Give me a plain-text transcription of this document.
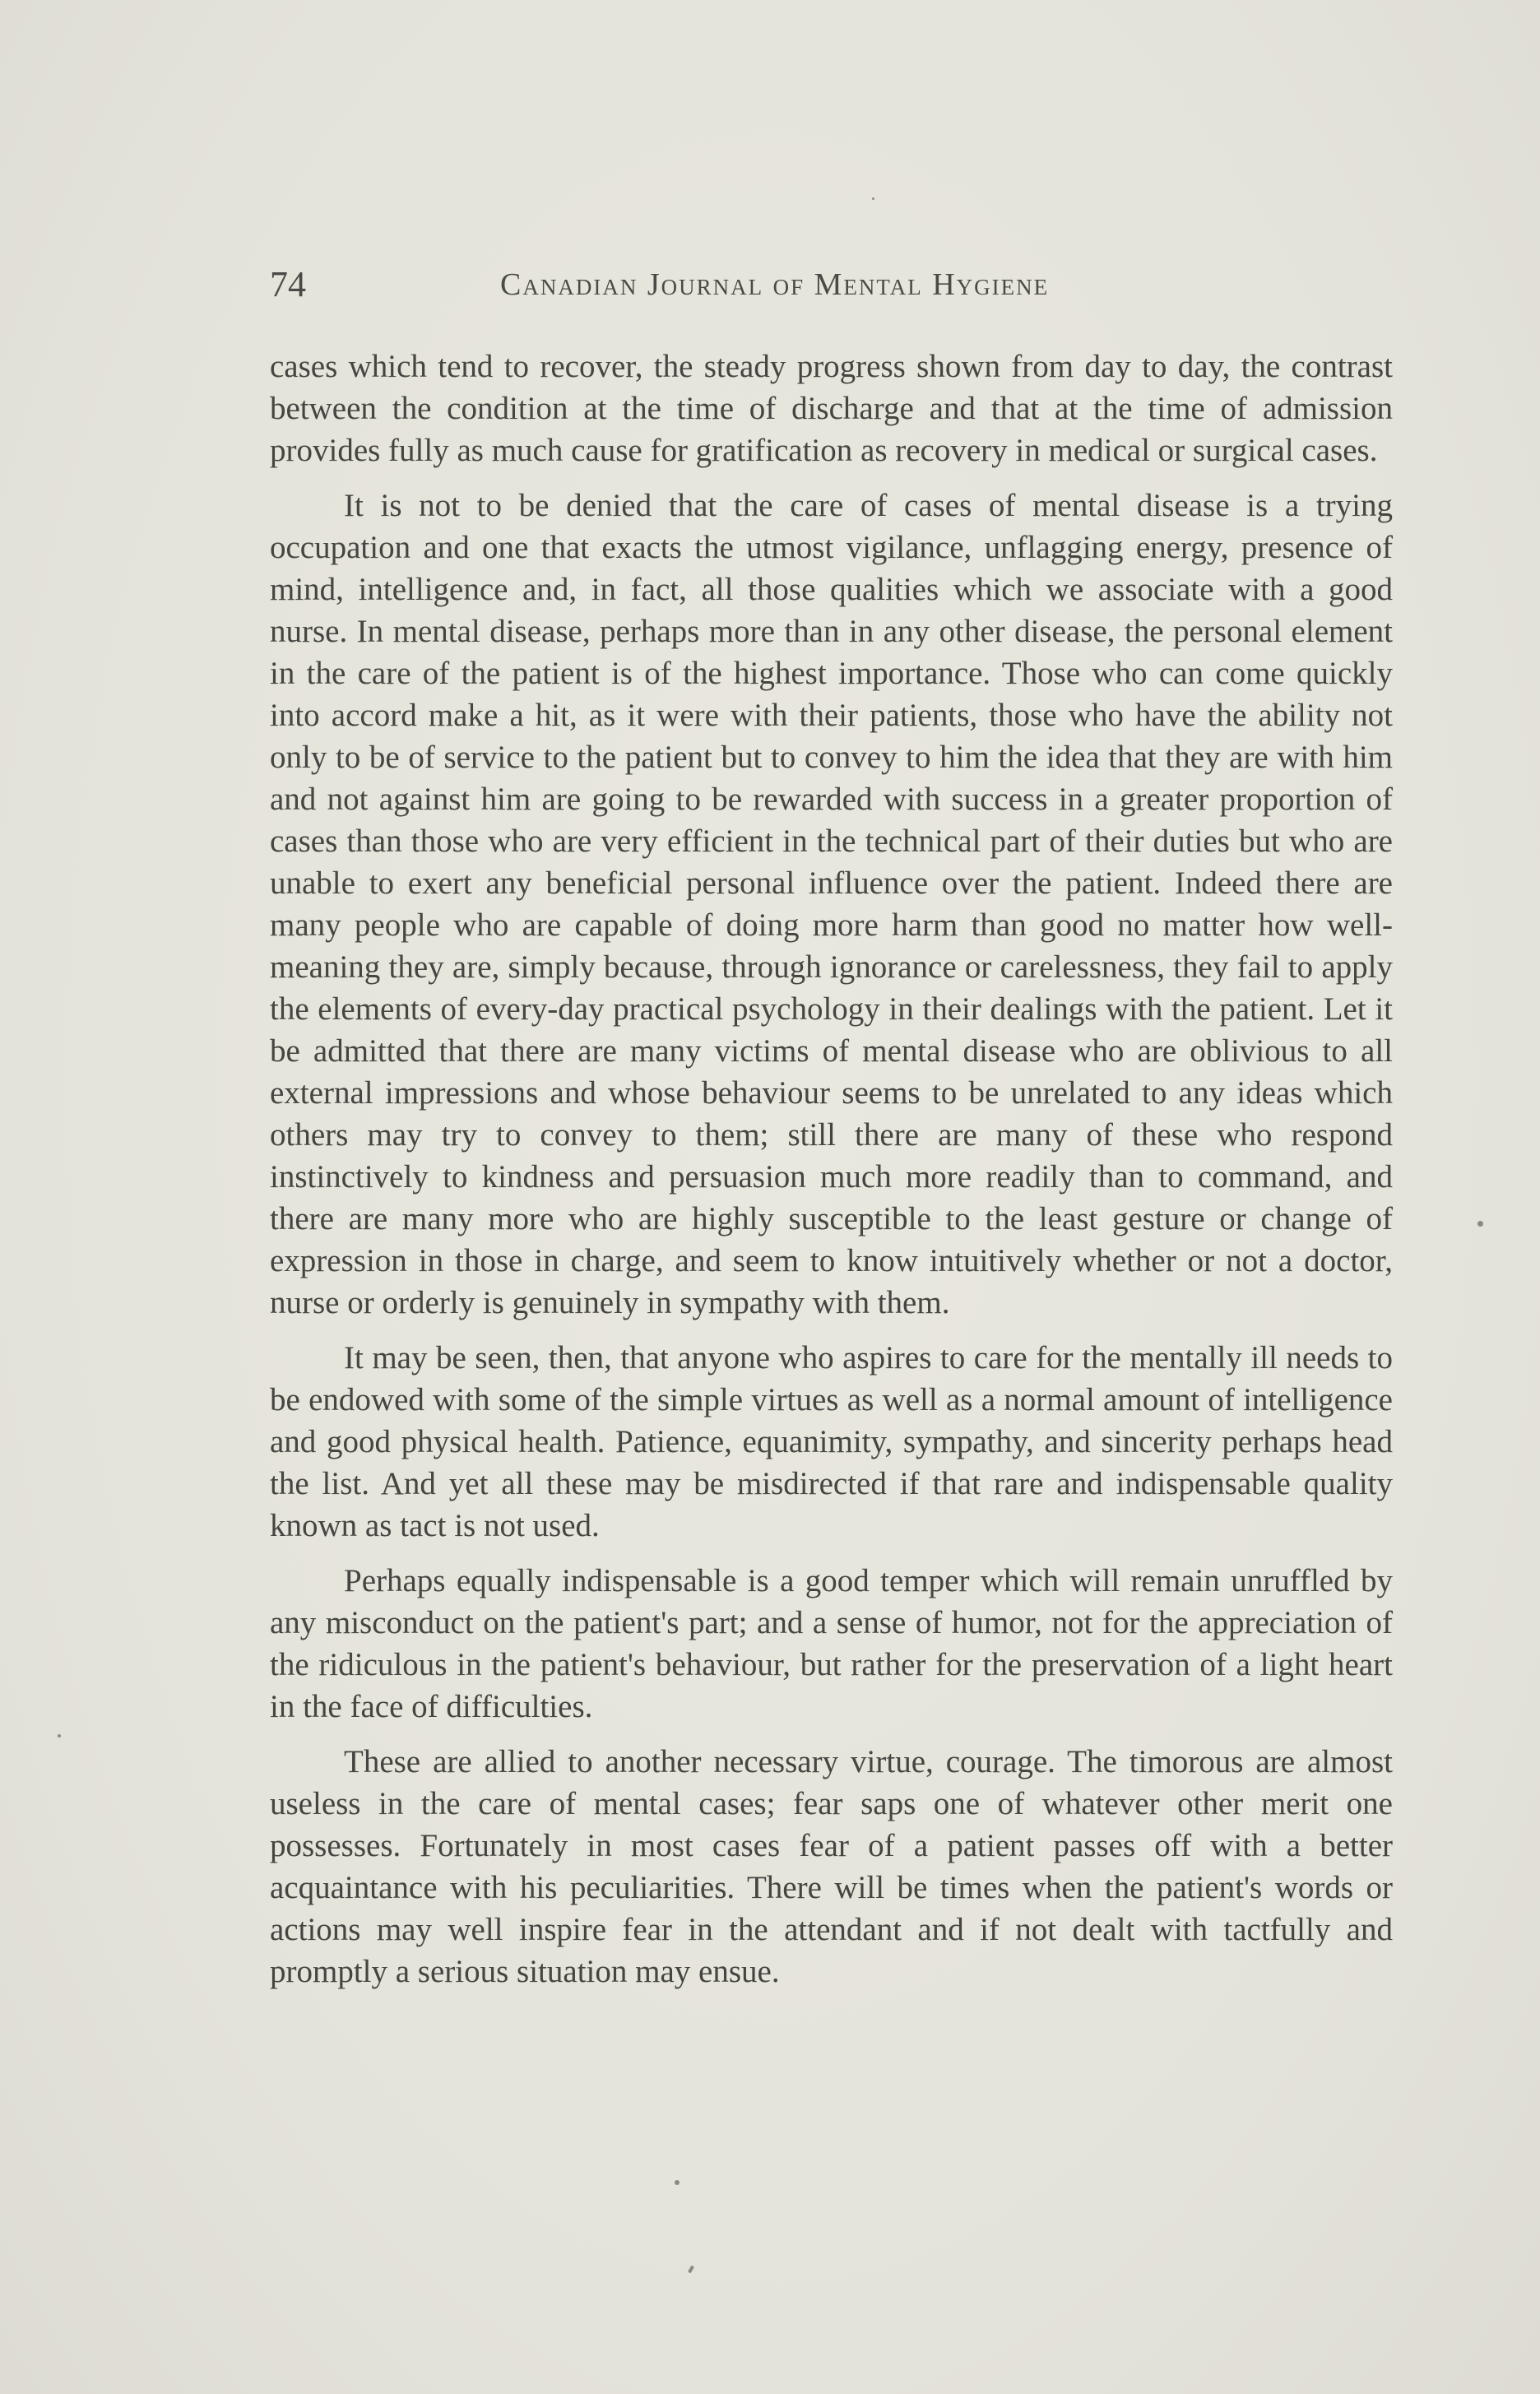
74	Canadian Journal of Mental Hygiene

cases which tend to recover, the steady progress shown from day to day, the contrast between the condition at the time of discharge and that at the time of admission provides fully as much cause for gratification as recovery in medical or surgical cases.

It is not to be denied that the care of cases of mental disease is a trying occupation and one that exacts the utmost vigilance, unflagging energy, presence of mind, intelligence and, in fact, all those qualities which we associate with a good nurse. In mental disease, perhaps more than in any other disease, the personal element in the care of the patient is of the highest importance. Those who can come quickly into accord make a hit, as it were with their patients, those who have the ability not only to be of service to the patient but to convey to him the idea that they are with him and not against him are going to be rewarded with success in a greater proportion of cases than those who are very efficient in the technical part of their duties but who are unable to exert any beneficial personal influence over the patient. Indeed there are many people who are capable of doing more harm than good no matter how well-meaning they are, simply because, through ignorance or carelessness, they fail to apply the elements of every-day practical psychology in their dealings with the patient. Let it be admitted that there are many victims of mental disease who are oblivious to all external impressions and whose behaviour seems to be unrelated to any ideas which others may try to convey to them; still there are many of these who respond instinctively to kindness and persuasion much more readily than to command, and there are many more who are highly susceptible to the least gesture or change of expression in those in charge, and seem to know intuitively whether or not a doctor, nurse or orderly is genuinely in sympathy with them.

It may be seen, then, that anyone who aspires to care for the mentally ill needs to be endowed with some of the simple virtues as well as a normal amount of intelligence and good physical health. Patience, equanimity, sympathy, and sincerity perhaps head the list. And yet all these may be misdirected if that rare and indispensable quality known as tact is not used.

Perhaps equally indispensable is a good temper which will remain unruffled by any misconduct on the patient's part; and a sense of humor, not for the appreciation of the ridiculous in the patient's behaviour, but rather for the preservation of a light heart in the face of difficulties.

These are allied to another necessary virtue, courage. The timorous are almost useless in the care of mental cases; fear saps one of whatever other merit one possesses. Fortunately in most cases fear of a patient passes off with a better acquaintance with his peculiarities. There will be times when the patient's words or actions may well inspire fear in the attendant and if not dealt with tactfully and promptly a serious situation may ensue.
